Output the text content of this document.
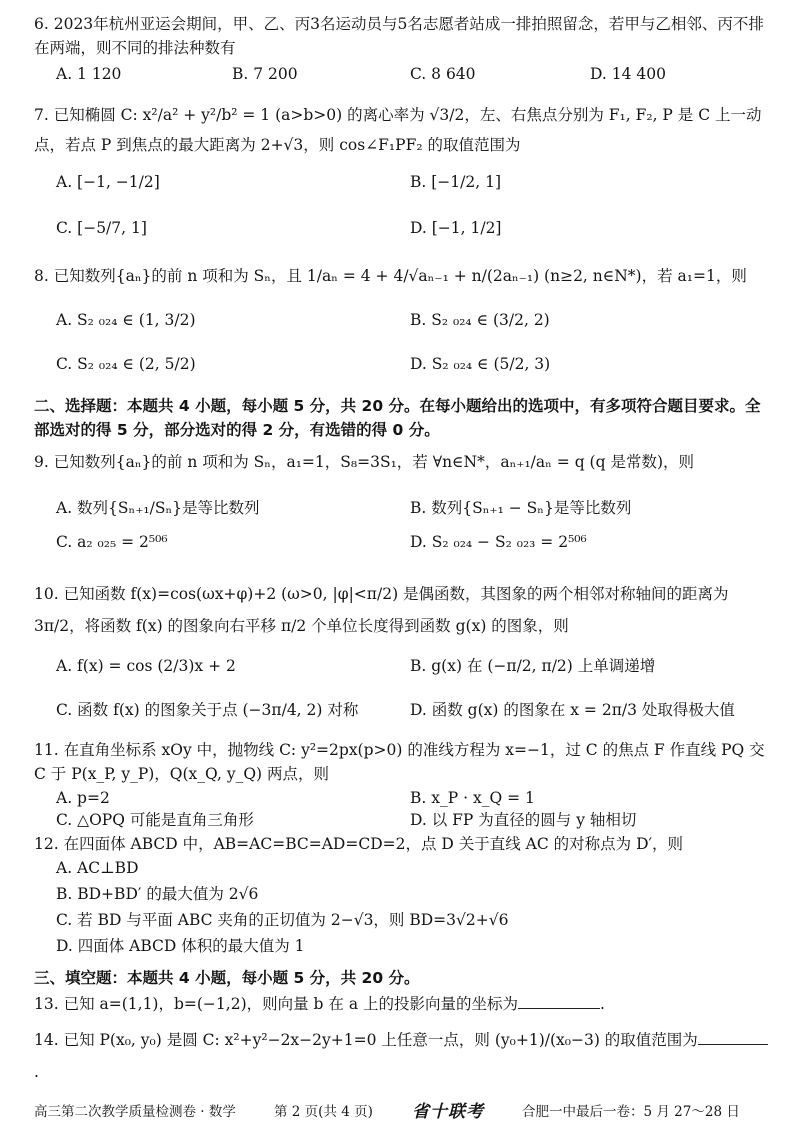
6. 2023年杭州亚运会期间，甲、乙、丙3名运动员与5名志愿者站成一排拍照留念，若甲与乙相邻、丙不排在两端，则不同的排法种数有
A. 1 120	B. 7 200	C. 8 640	D. 14 400
7. 已知椭圆 C: x²/a² + y²/b² = 1 (a>b>0) 的离心率为 √3/2，左、右焦点分别为 F₁, F₂, P 是 C 上一动点，若点 P 到焦点的最大距离为 2+√3，则 cos∠F₁PF₂ 的取值范围为
A. [−1, −1/2]	B. [−1/2, 1]
C. [−5/7, 1]	D. [−1, 1/2]
8. 已知数列{aₙ}的前 n 项和为 Sₙ，且 1/aₙ = 4 + 4/√aₙ₋₁ + n/(2aₙ₋₁) (n≥2, n∈N*)，若 a₁=1，则
A. S₂ ₀₂₄ ∈ (1, 3/2)	B. S₂ ₀₂₄ ∈ (3/2, 2)
C. S₂ ₀₂₄ ∈ (2, 5/2)	D. S₂ ₀₂₄ ∈ (5/2, 3)
二、选择题：本题共 4 小题，每小题 5 分，共 20 分。在每小题给出的选项中，有多项符合题目要求。全部选对的得 5 分，部分选对的得 2 分，有选错的得 0 分。
9. 已知数列{aₙ}的前 n 项和为 Sₙ，a₁=1，S₈=3S₁，若 ∀n∈N*，aₙ₊₁/aₙ = q (q 是常数)，则
A. 数列{Sₙ₊₁/Sₙ}是等比数列	B. 数列{Sₙ₊₁ − Sₙ}是等比数列
C. a₂ ₀₂₅ = 2⁵⁰⁶	D. S₂ ₀₂₄ − S₂ ₀₂₃ = 2⁵⁰⁶
10. 已知函数 f(x)=cos(ωx+φ)+2 (ω>0, |φ|<π/2) 是偶函数，其图象的两个相邻对称轴间的距离为 3π/2，将函数 f(x) 的图象向右平移 π/2 个单位长度得到函数 g(x) 的图象，则
A. f(x) = cos (2/3)x + 2	B. g(x) 在 (−π/2, π/2) 上单调递增
C. 函数 f(x) 的图象关于点 (−3π/4, 2) 对称	D. 函数 g(x) 的图象在 x = 2π/3 处取得极大值
11. 在直角坐标系 xOy 中，抛物线 C: y²=2px(p>0) 的准线方程为 x=−1，过 C 的焦点 F 作直线 PQ 交 C 于 P(x_P, y_P)，Q(x_Q, y_Q) 两点，则
A. p=2	B. x_P · x_Q = 1
C. △OPQ 可能是直角三角形	D. 以 FP 为直径的圆与 y 轴相切
12. 在四面体 ABCD 中，AB=AC=BC=AD=CD=2，点 D 关于直线 AC 的对称点为 D′，则
A. AC⊥BD
B. BD+BD′ 的最大值为 2√6
C. 若 BD 与平面 ABC 夹角的正切值为 2−√3，则 BD=3√2+√6
D. 四面体 ABCD 体积的最大值为 1
三、填空题：本题共 4 小题，每小题 5 分，共 20 分。
13. 已知 a=(1,1)，b=(−1,2)，则向量 b 在 a 上的投影向量的坐标为	.
14. 已知 P(x₀, y₀) 是圆 C: x²+y²−2x−2y+1=0 上任意一点，则 (y₀+1)/(x₀−3) 的取值范围为.
高三第二次教学质量检测卷 · 数学	第 2 页(共 4 页) 省十联考	合肥一中最后一卷：5 月 27～28 日
